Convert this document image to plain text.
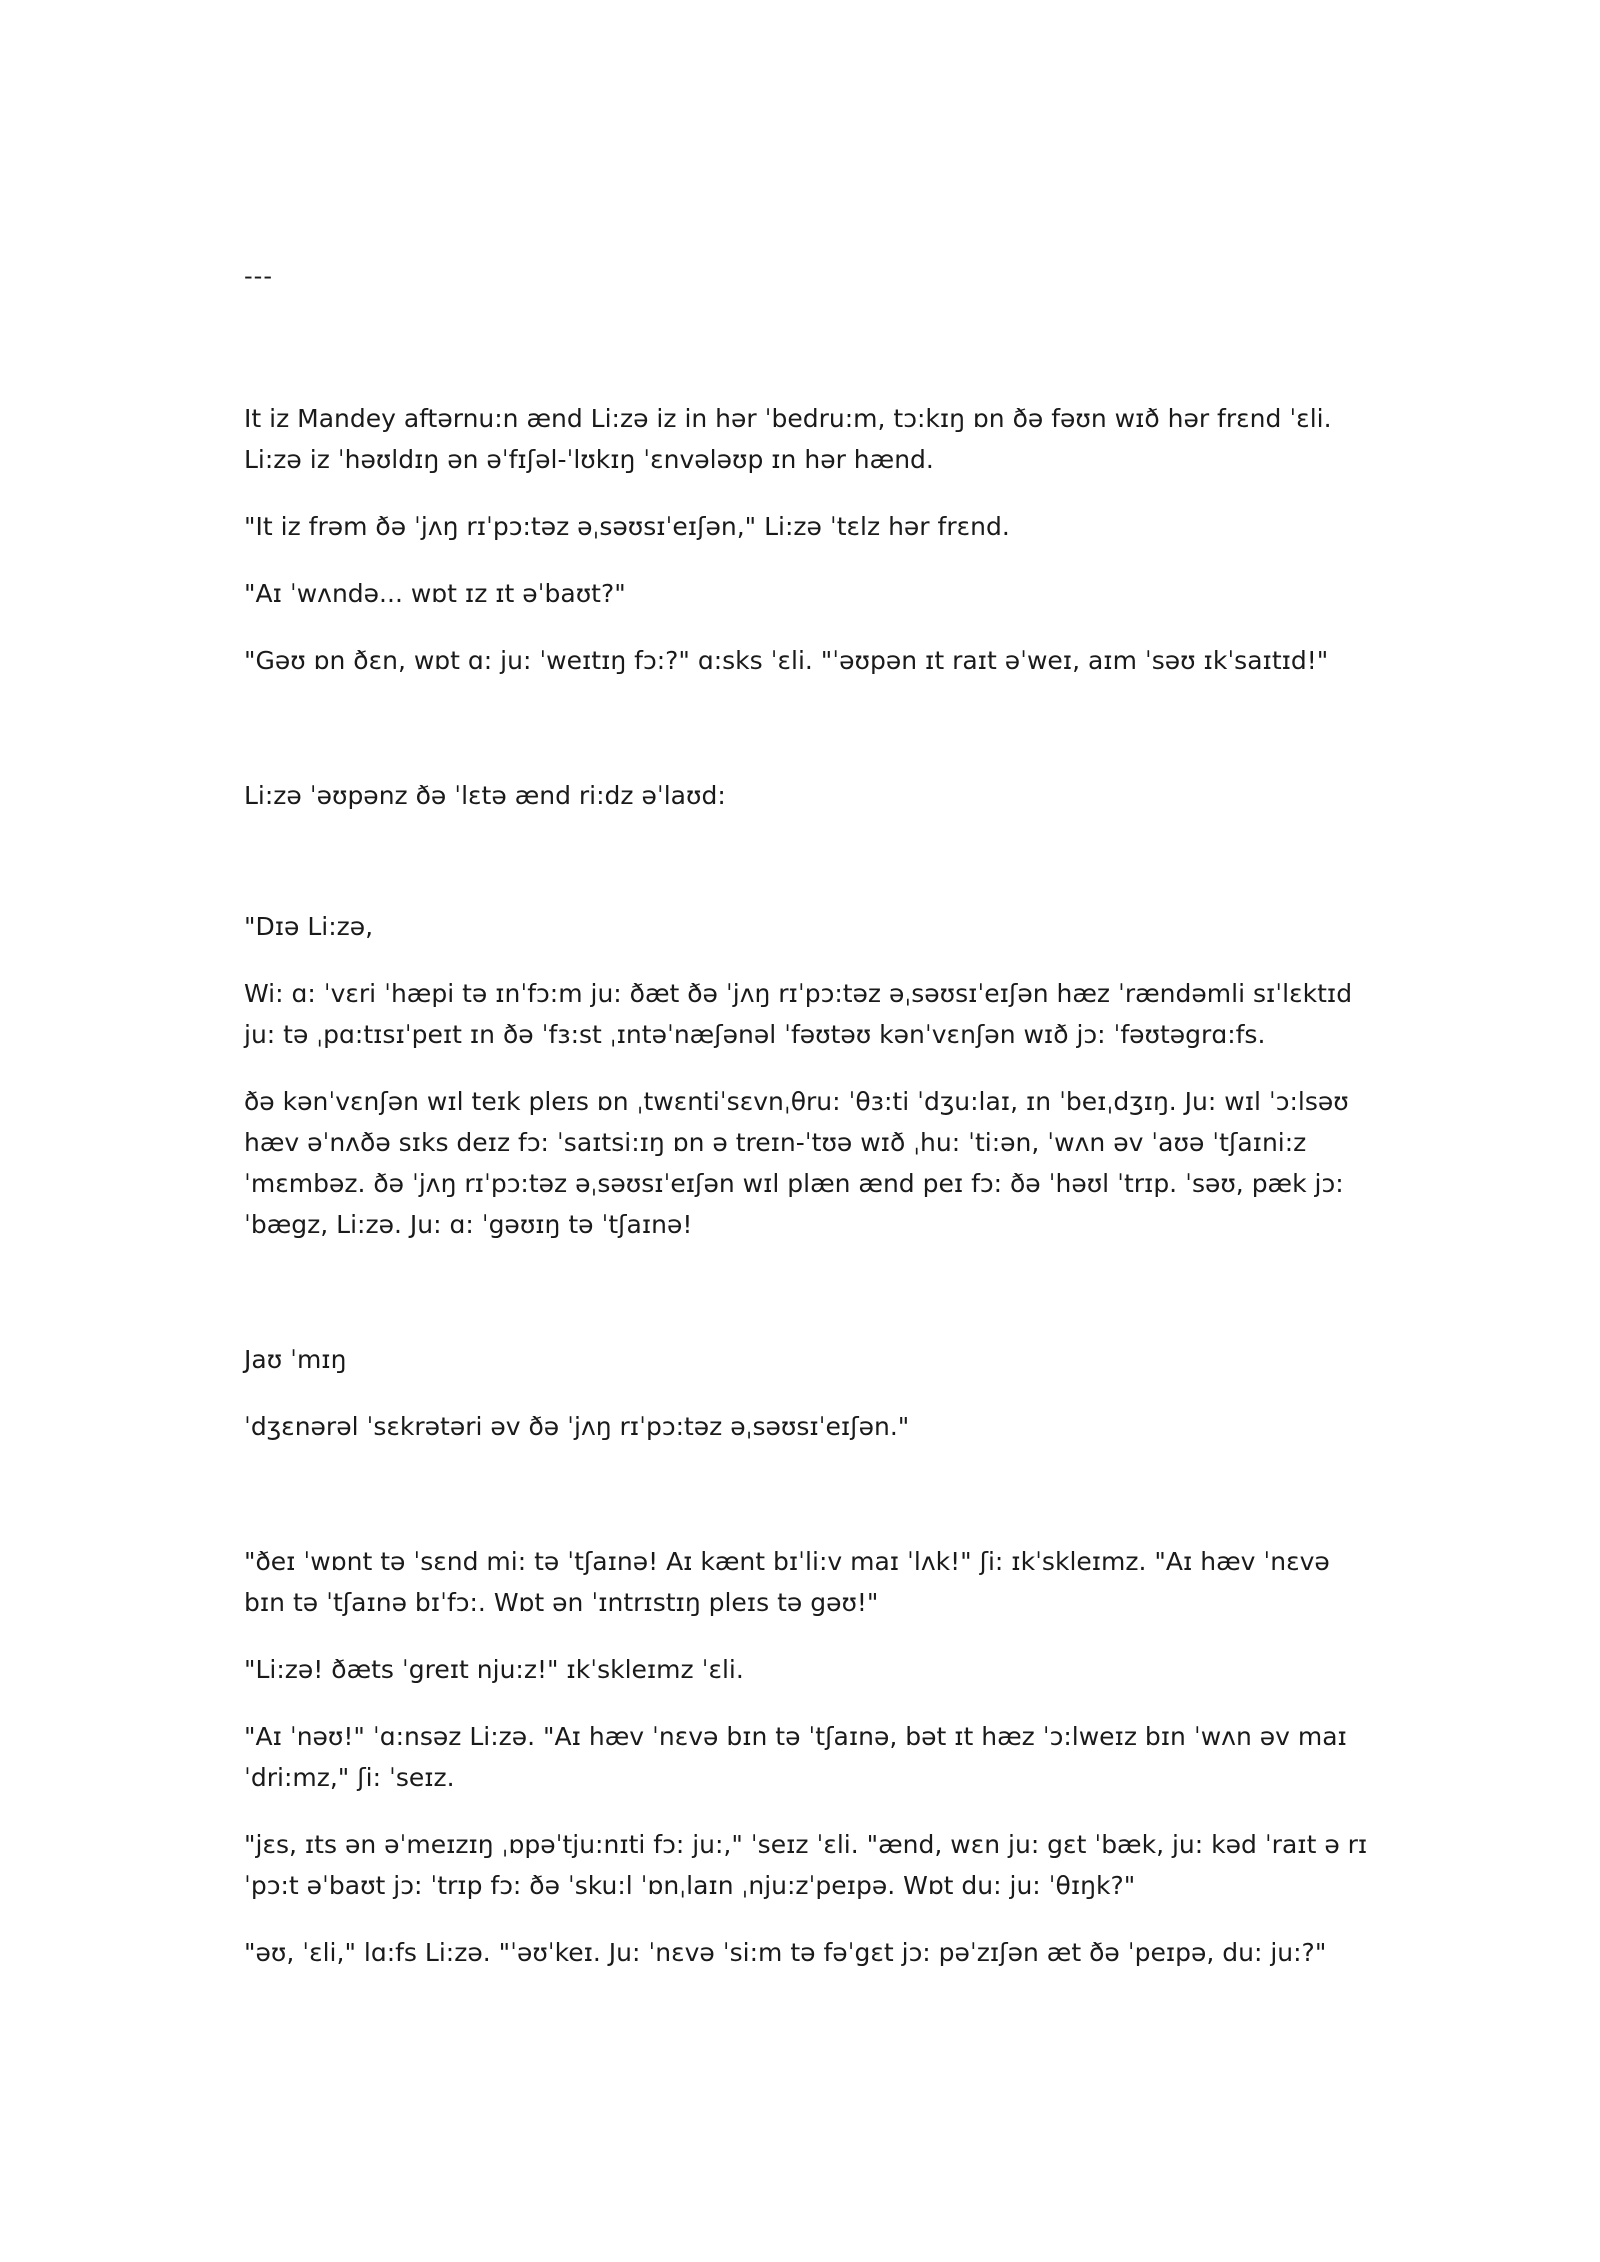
---

It iz Mandey aftərnu:n ænd Li:zə iz in hər ˈbedru:m, tɔ:kɪŋ ɒn ðə fəʊn wɪð hər frɛnd ˈɛli. Li:zə iz ˈhəʊldɪŋ ən əˈfɪʃəl-ˈlʊkɪŋ ˈɛnvələʊp ɪn hər hænd.

"It iz frəm ðə ˈjʌŋ rɪˈpɔ:təz əˌsəʊsɪˈeɪʃən," Li:zə ˈtɛlz hər frɛnd.

"Aɪ ˈwʌndə... wɒt ɪz ɪt əˈbaʊt?"

"Gəʊ ɒn ðɛn, wɒt ɑ: ju: ˈweɪtɪŋ fɔ:?" ɑ:sks ˈɛli. "ˈəʊpən ɪt raɪt əˈweɪ, aɪm ˈsəʊ ɪkˈsaɪtɪd!"

Li:zə ˈəʊpənz ðə ˈlɛtə ænd ri:dz əˈlaʊd:

"Dɪə Li:zə,

Wi: ɑ: ˈvɛri ˈhæpi tə ɪnˈfɔ:m ju: ðæt ðə ˈjʌŋ rɪˈpɔ:təz əˌsəʊsɪˈeɪʃən hæz ˈrændəmli sɪˈlɛktɪd ju: tə ˌpɑ:tɪsɪˈpeɪt ɪn ðə ˈfɜ:st ˌɪntəˈnæʃənəl ˈfəʊtəʊ kənˈvɛnʃən wɪð jɔ: ˈfəʊtəgrɑ:fs.

ðə kənˈvɛnʃən wɪl teɪk pleɪs ɒn ˌtwɛntiˈsɛvnˌθru: ˈθɜ:ti ˈdʒu:laɪ, ɪn ˈbeɪˌdʒɪŋ. Ju: wɪl ˈɔ:lsəʊ hæv əˈnʌðə sɪks deɪz fɔ: ˈsaɪtsi:ɪŋ ɒn ə treɪn-ˈtʊə wɪð ˌhu: ˈti:ən, ˈwʌn əv ˈaʊə ˈtʃaɪni:z ˈmɛmbəz. ðə ˈjʌŋ rɪˈpɔ:təz əˌsəʊsɪˈeɪʃən wɪl plæn ænd peɪ fɔ: ðə ˈhəʊl ˈtrɪp. ˈsəʊ, pæk jɔ: ˈbægz, Li:zə. Ju: ɑ: ˈgəʊɪŋ tə ˈtʃaɪnə!

Jaʊ ˈmɪŋ

ˈdʒɛnərəl ˈsɛkrətəri əv ðə ˈjʌŋ rɪˈpɔ:təz əˌsəʊsɪˈeɪʃən."

"ðeɪ ˈwɒnt tə ˈsɛnd mi: tə ˈtʃaɪnə! Aɪ kænt bɪˈli:v maɪ ˈlʌk!" ʃi: ɪkˈskleɪmz. "Aɪ hæv ˈnɛvə bɪn tə ˈtʃaɪnə bɪˈfɔ:. Wɒt ən ˈɪntrɪstɪŋ pleɪs tə gəʊ!"

"Li:zə! ðæts ˈgreɪt nju:z!" ɪkˈskleɪmz ˈɛli.

"Aɪ ˈnəʊ!" ˈɑ:nsəz Li:zə. "Aɪ hæv ˈnɛvə bɪn tə ˈtʃaɪnə, bət ɪt hæz ˈɔ:lweɪz bɪn ˈwʌn əv maɪ ˈdri:mz," ʃi: ˈseɪz.

"jɛs, ɪts ən əˈmeɪzɪŋ ˌɒpəˈtju:nɪti fɔ: ju:," ˈseɪz ˈɛli. "ænd, wɛn ju: gɛt ˈbæk, ju: kəd ˈraɪt ə rɪ ˈpɔ:t əˈbaʊt jɔ: ˈtrɪp fɔ: ðə ˈsku:l ˈɒnˌlaɪn ˌnju:zˈpeɪpə. Wɒt du: ju: ˈθɪŋk?"

"əʊ, ˈɛli," lɑ:fs Li:zə. "ˈəʊˈkeɪ. Ju: ˈnɛvə ˈsi:m tə fəˈgɛt jɔ: pəˈzɪʃən æt ðə ˈpeɪpə, du: ju:?"
